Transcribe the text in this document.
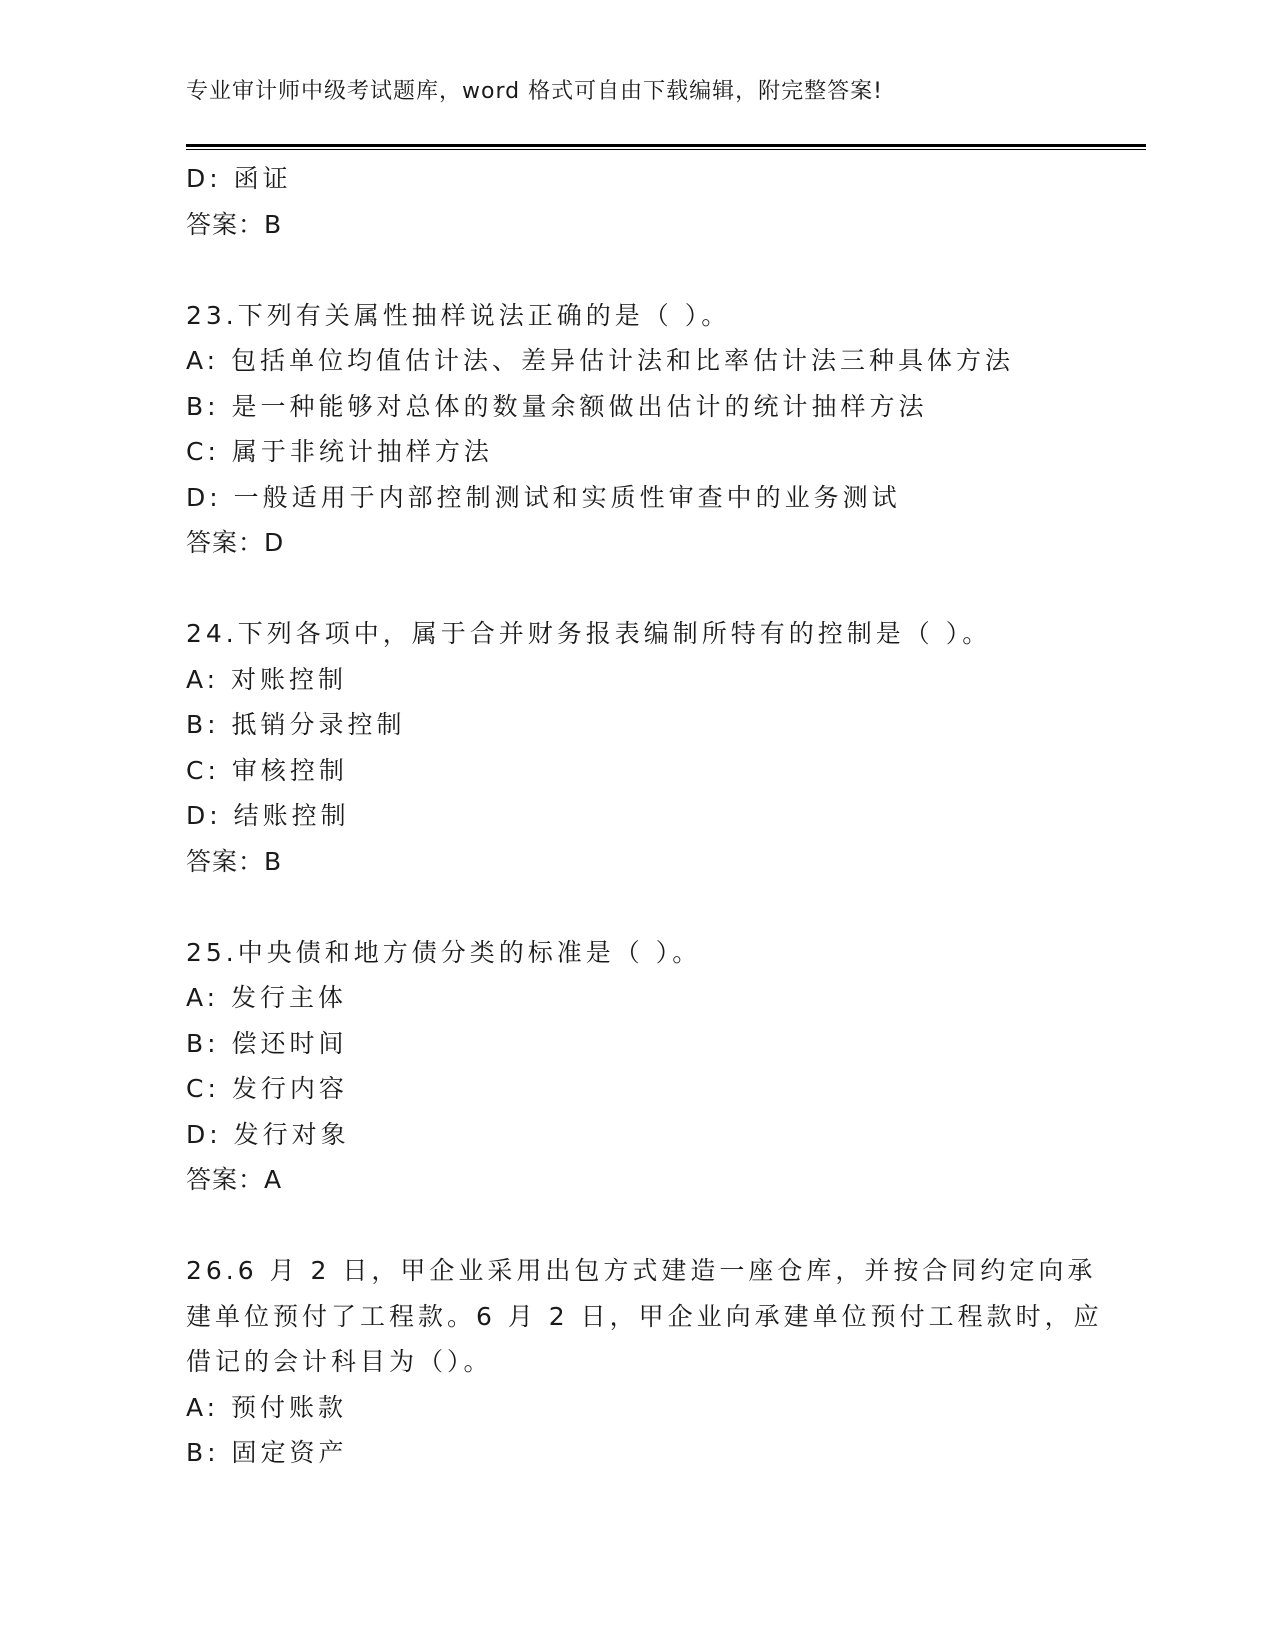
专业审计师中级考试题库，word 格式可自由下载编辑，附完整答案!
D: 函证
答案：B
23.下列有关属性抽样说法正确的是（ ）。
A: 包括单位均值估计法、差异估计法和比率估计法三种具体方法
B: 是一种能够对总体的数量余额做出估计的统计抽样方法
C: 属于非统计抽样方法
D: 一般适用于内部控制测试和实质性审查中的业务测试
答案：D
24.下列各项中，属于合并财务报表编制所特有的控制是（ ）。
A: 对账控制
B: 抵销分录控制
C: 审核控制
D: 结账控制
答案：B
25.中央债和地方债分类的标准是（ ）。
A: 发行主体
B: 偿还时间
C: 发行内容
D: 发行对象
答案：A
26.6 月 2 日，甲企业采用出包方式建造一座仓库，并按合同约定向承
建单位预付了工程款。6 月 2 日，甲企业向承建单位预付工程款时，应
借记的会计科目为（）。
A: 预付账款
B: 固定资产
